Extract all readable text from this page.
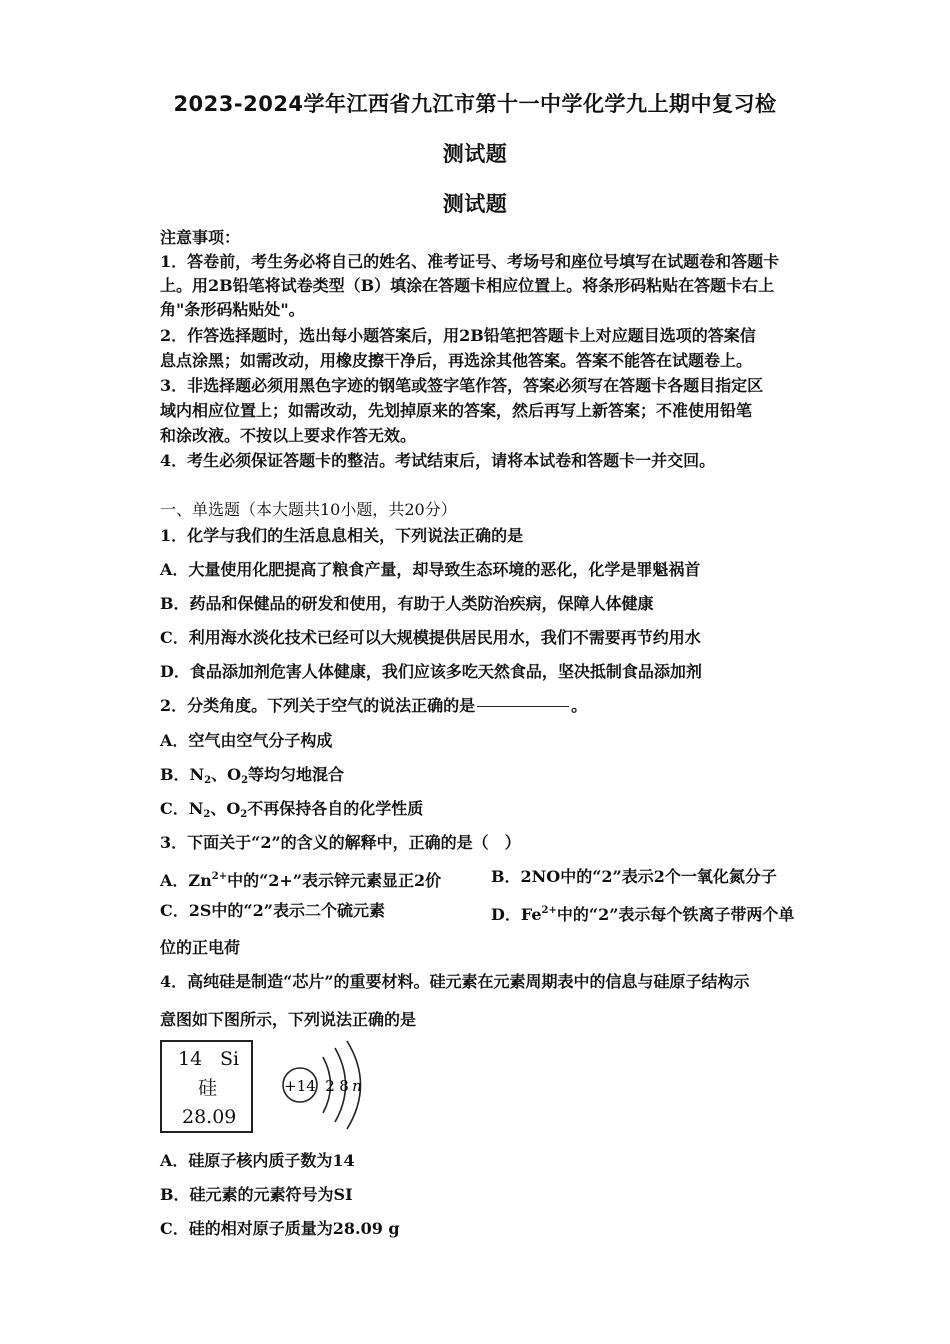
2023-2024学年江西省九江市第十一中学化学九上期中复习检
测试题
测试题
注意事项：
1．答卷前，考生务必将自己的姓名、准考证号、考场号和座位号填写在试题卷和答题卡
上。用2B铅笔将试卷类型（B）填涂在答题卡相应位置上。将条形码粘贴在答题卡右上
角"条形码粘贴处"。
2．作答选择题时，选出每小题答案后，用2B铅笔把答题卡上对应题目选项的答案信
息点涂黑；如需改动，用橡皮擦干净后，再选涂其他答案。答案不能答在试题卷上。
3．非选择题必须用黑色字迹的钢笔或签字笔作答，答案必须写在答题卡各题目指定区
域内相应位置上；如需改动，先划掉原来的答案，然后再写上新答案；不准使用铅笔
和涂改液。不按以上要求作答无效。
4．考生必须保证答题卡的整洁。考试结束后，请将本试卷和答题卡一并交回。
一、单选题（本大题共10小题，共20分）
1．化学与我们的生活息息相关，下列说法正确的是
A．大量使用化肥提高了粮食产量，却导致生态环境的恶化，化学是罪魁祸首
B．药品和保健品的研发和使用，有助于人类防治疾病，保障人体健康
C．利用海水淡化技术已经可以大规模提供居民用水，我们不需要再节约用水
D．食品添加剂危害人体健康，我们应该多吃天然食品，坚决抵制食品添加剂
2．分类角度。下列关于空气的说法正确的是	。
A．空气由空气分子构成
B．$N_2$、$O_2$等均匀地混合
C．$N_2$、$O_2$不再保持各自的化学性质
3．下面关于“2”的含义的解释中，正确的是（　）
A．$Zn^{2+}$中的“2+”表示锌元素显正2价	B．2NO中的“2”表示2个一氧化氮分子
C．2S中的“2”表示二个硫元素	D．$Fe^{2+}$中的“2”表示每个铁离子带两个单
位的正电荷
4．高纯硅是制造“芯片”的重要材料。硅元素在元素周期表中的信息与硅原子结构示
意图如下图所示，下列说法正确的是
14 Si
硅
28.09
+14 2 8 n
A．硅原子核内质子数为14
B．硅元素的元素符号为SI
C．硅的相对原子质量为28.09 g
